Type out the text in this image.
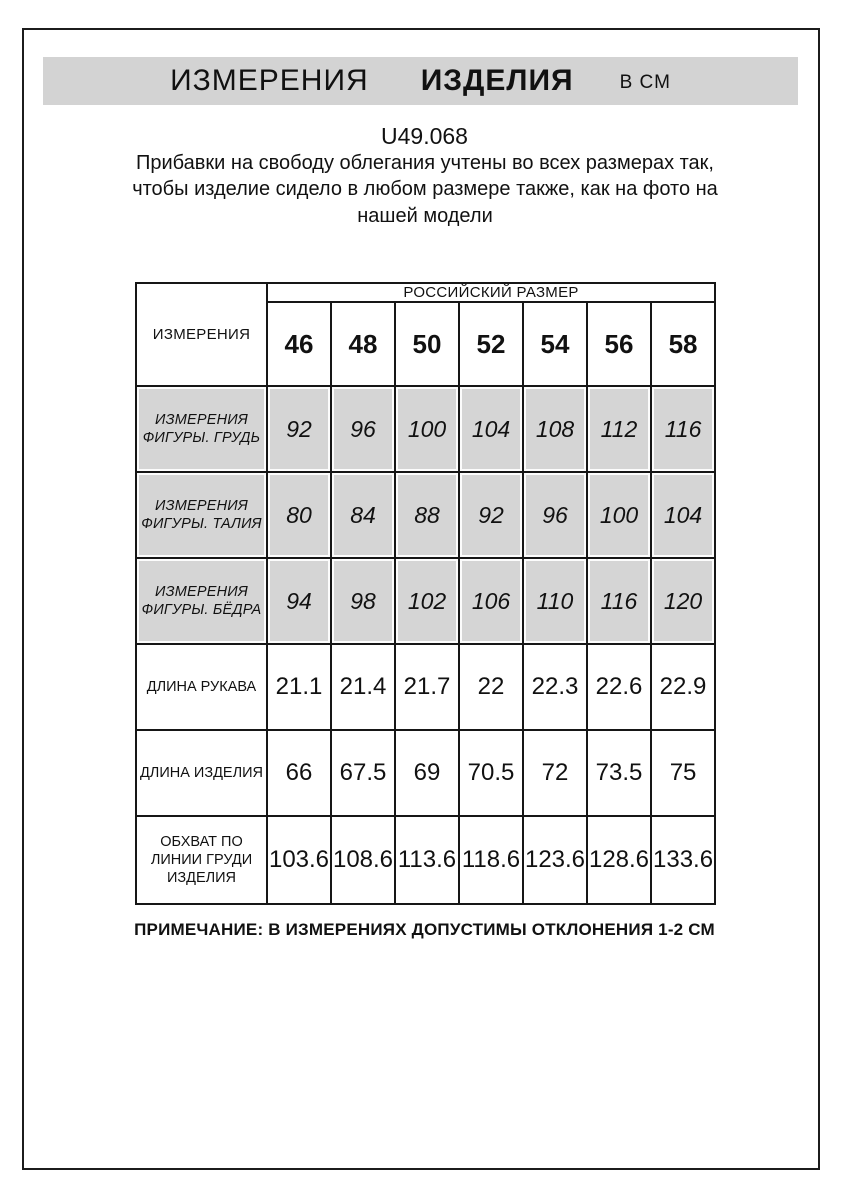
ИЗМЕРЕНИЯ ИЗДЕЛИЯ В СМ
U49.068
Прибавки на свободу облегания учтены во всех размерах так, чтобы изделие сидело в любом размере также, как на фото на нашей модели
ИЗМЕРЕНИЯ	РОССИЙСКИЙ РАЗМЕР						
	46	48	50	52	54	56	58
ИЗМЕРЕНИЯ ФИГУРЫ. ГРУДЬ	92	96	100	104	108	112	116
ИЗМЕРЕНИЯ ФИГУРЫ. ТАЛИЯ	80	84	88	92	96	100	104
ИЗМЕРЕНИЯ ФИГУРЫ. БЁДРА	94	98	102	106	110	116	120
ДЛИНА РУКАВА	21.1	21.4	21.7	22	22.3	22.6	22.9
ДЛИНА ИЗДЕЛИЯ	66	67.5	69	70.5	72	73.5	75
ОБХВАТ ПО ЛИНИИ ГРУДИ ИЗДЕЛИЯ	103.6	108.6	113.6	118.6	123.6	128.6	133.6
ПРИМЕЧАНИЕ: В ИЗМЕРЕНИЯХ ДОПУСТИМЫ ОТКЛОНЕНИЯ 1-2 СМ
